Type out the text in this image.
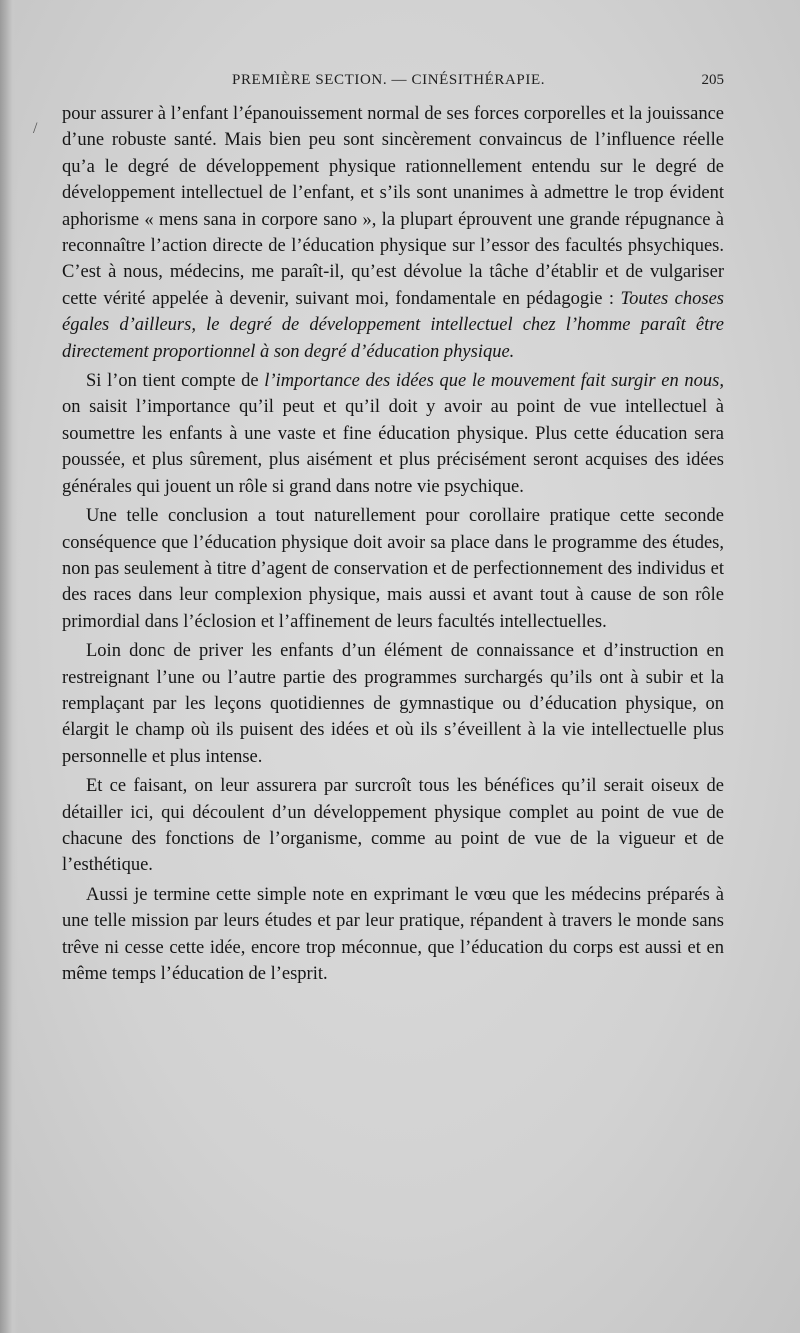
PREMIÈRE SECTION. — CINÉSITHÉRAPIE.	205
/

pour assurer à l’enfant l’épanouissement normal de ses forces corporelles et la jouissance d’une robuste santé. Mais bien peu sont sincèrement convaincus de l’influence réelle qu’a le degré de développement physique rationnellement entendu sur le degré de développement intellectuel de l’enfant, et s’ils sont unanimes à admettre le trop évident aphorisme « mens sana in corpore sano », la plupart éprouvent une grande répugnance à reconnaître l’action directe de l’éducation physique sur l’essor des facultés phsychiques. C’est à nous, médecins, me paraît-il, qu’est dévolue la tâche d’établir et de vulgariser cette vérité appelée à devenir, suivant moi, fondamentale en pédagogie : Toutes choses égales d’ailleurs, le degré de développement intellectuel chez l’homme paraît être directement proportionnel à son degré d’éducation physique.

Si l’on tient compte de l’importance des idées que le mouvement fait surgir en nous, on saisit l’importance qu’il peut et qu’il doit y avoir au point de vue intellectuel à soumettre les enfants à une vaste et fine éducation physique. Plus cette éducation sera poussée, et plus sûrement, plus aisément et plus précisément seront acquises des idées générales qui jouent un rôle si grand dans notre vie psychique.

Une telle conclusion a tout naturellement pour corollaire pratique cette seconde conséquence que l’éducation physique doit avoir sa place dans le programme des études, non pas seulement à titre d’agent de conservation et de perfectionnement des individus et des races dans leur complexion physique, mais aussi et avant tout à cause de son rôle primordial dans l’éclosion et l’affinement de leurs facultés intellectuelles.

Loin donc de priver les enfants d’un élément de connaissance et d’instruction en restreignant l’une ou l’autre partie des programmes surchargés qu’ils ont à subir et la remplaçant par les leçons quotidiennes de gymnastique ou d’éducation physique, on élargit le champ où ils puisent des idées et où ils s’éveillent à la vie intellectuelle plus personnelle et plus intense.

Et ce faisant, on leur assurera par surcroît tous les bénéfices qu’il serait oiseux de détailler ici, qui découlent d’un développement physique complet au point de vue de chacune des fonctions de l’organisme, comme au point de vue de la vigueur et de l’esthétique.

Aussi je termine cette simple note en exprimant le vœu que les médecins préparés à une telle mission par leurs études et par leur pratique, répandent à travers le monde sans trêve ni cesse cette idée, encore trop méconnue, que l’éducation du corps est aussi et en même temps l’éducation de l’esprit.
